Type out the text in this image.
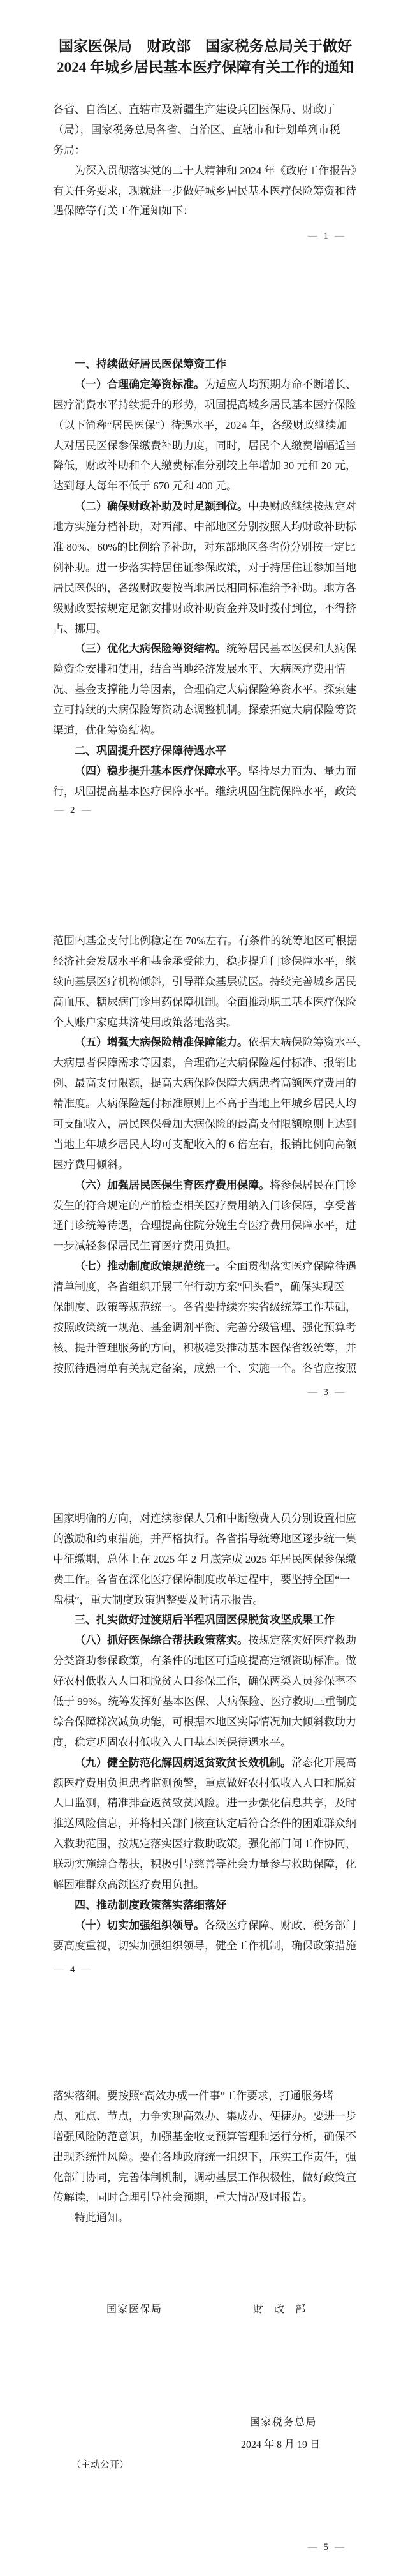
国家医保局　财政部　国家税务总局关于做好
2024 年城乡居民基本医疗保障有关工作的通知
各省、自治区、直辖市及新疆生产建设兵团医保局、财政厅
（局），国家税务总局各省、自治区、直辖市和计划单列市税
务局：
为深入贯彻落实党的二十大精神和 2024 年《政府工作报告》
有关任务要求，现就进一步做好城乡居民基本医疗保险筹资和待
遇保障等有关工作通知如下：
— 1 —
一、持续做好居民医保筹资工作
（一）合理确定筹资标准。为适应人均预期寿命不断增长、
医疗消费水平持续提升的形势，巩固提高城乡居民基本医疗保险
（以下简称“居民医保”）待遇水平，2024 年，各级财政继续加
大对居民医保参保缴费补助力度，同时，居民个人缴费增幅适当
降低，财政补助和个人缴费标准分别较上年增加 30 元和 20 元，
达到每人每年不低于 670 元和 400 元。
（二）确保财政补助及时足额到位。中央财政继续按规定对
地方实施分档补助，对西部、中部地区分别按照人均财政补助标
准 80%、60%的比例给予补助，对东部地区各省份分别按一定比
例补助。进一步落实持居住证参保政策，对于持居住证参加当地
居民医保的，各级财政要按当地居民相同标准给予补助。地方各
级财政要按规定足额安排财政补助资金并及时拨付到位，不得挤
占、挪用。
（三）优化大病保险筹资结构。统筹居民基本医保和大病保
险资金安排和使用，结合当地经济发展水平、大病医疗费用情
况、基金支撑能力等因素，合理确定大病保险筹资水平。探索建
立可持续的大病保险筹资动态调整机制。探索拓宽大病保险筹资
渠道，优化筹资结构。
二、巩固提升医疗保障待遇水平
（四）稳步提升基本医疗保障水平。坚持尽力而为、量力而
行，巩固提高基本医疗保障水平。继续巩固住院保障水平，政策
— 2 —
范围内基金支付比例稳定在 70%左右。有条件的统筹地区可根据
经济社会发展水平和基金承受能力，稳步提升门诊保障水平，继
续向基层医疗机构倾斜，引导群众基层就医。持续完善城乡居民
高血压、糖尿病门诊用药保障机制。全面推动职工基本医疗保险
个人账户家庭共济使用政策落地落实。
（五）增强大病保险精准保障能力。依据大病保险筹资水平、
大病患者保障需求等因素，合理确定大病保险起付标准、报销比
例、最高支付限额，提高大病保险保障大病患者高额医疗费用的
精准度。大病保险起付标准原则上不高于当地上年城乡居民人均
可支配收入，居民医保叠加大病保险的最高支付限额原则上达到
当地上年城乡居民人均可支配收入的 6 倍左右，报销比例向高额
医疗费用倾斜。
（六）加强居民医保生育医疗费用保障。将参保居民在门诊
发生的符合规定的产前检查相关医疗费用纳入门诊保障，享受普
通门诊统筹待遇，合理提高住院分娩生育医疗费用保障水平，进
一步减轻参保居民生育医疗费用负担。
（七）推动制度政策规范统一。全面贯彻落实医疗保障待遇
清单制度，各省组织开展三年行动方案“回头看”，确保实现医
保制度、政策等规范统一。各省要持续夯实省级统筹工作基础，
按照政策统一规范、基金调剂平衡、完善分级管理、强化预算考
核、提升管理服务的方向，积极稳妥推动基本医保省级统筹，并
按照待遇清单有关规定备案，成熟一个、实施一个。各省应按照
— 3 —
国家明确的方向，对连续参保人员和中断缴费人员分别设置相应
的激励和约束措施，并严格执行。各省指导统筹地区逐步统一集
中征缴期，总体上在 2025 年 2 月底完成 2025 年居民医保参保缴
费工作。各省在深化医疗保障制度改革过程中，要坚持全国“一
盘棋”，重大制度政策调整要及时请示报告。
三、扎实做好过渡期后半程巩固医保脱贫攻坚成果工作
（八）抓好医保综合帮扶政策落实。按规定落实好医疗救助
分类资助参保政策，有条件的地区可适度提高定额资助标准。做
好农村低收入人口和脱贫人口参保工作，确保两类人员参保率不
低于 99%。统筹发挥好基本医保、大病保险、医疗救助三重制度
综合保障梯次减负功能，可根据本地区实际情况加大倾斜救助力
度，稳定巩固农村低收入人口基本医保待遇水平。
（九）健全防范化解因病返贫致贫长效机制。常态化开展高
额医疗费用负担患者监测预警，重点做好农村低收入人口和脱贫
人口监测，精准排查返贫致贫风险。进一步强化信息共享，及时
推送风险信息，并将相关部门核查认定后符合条件的困难群众纳
入救助范围，按规定落实医疗救助政策。强化部门间工作协同，
联动实施综合帮扶，积极引导慈善等社会力量参与救助保障，化
解困难群众高额医疗费用负担。
四、推动制度政策落实落细落好
（十）切实加强组织领导。各级医疗保障、财政、税务部门
要高度重视，切实加强组织领导，健全工作机制，确保政策措施
— 4 —
落实落细。要按照“高效办成一件事”工作要求，打通服务堵
点、难点、节点，力争实现高效办、集成办、便捷办。要进一步
增强风险防范意识，加强基金收支预算管理和运行分析，确保不
出现系统性风险。要在各地政府统一组织下，压实工作责任，强
化部门协同，完善体制机制，调动基层工作积极性，做好政策宣
传解读，同时合理引导社会预期，重大情况及时报告。
特此通知。
— 5 —
国家医保局	财　政　部
国家税务总局
2024 年 8 月 19 日
（主动公开）
